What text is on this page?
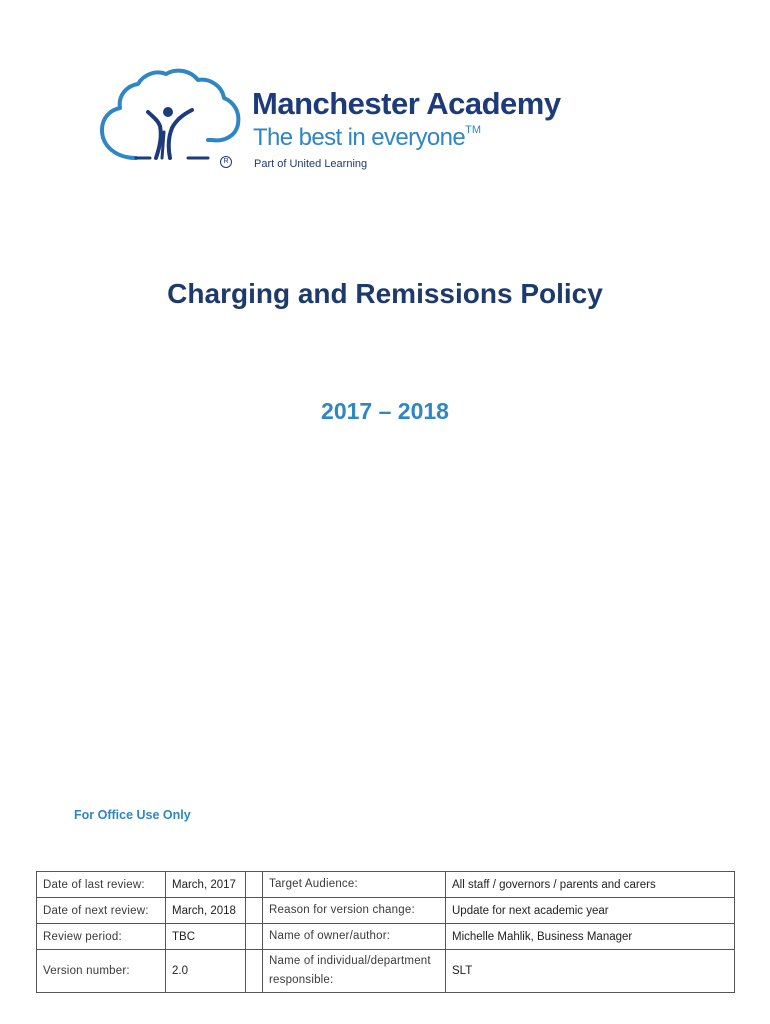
R
Manchester Academy
The best in everyone™
Part of United Learning
Charging and Remissions Policy
2017 – 2018
For Office Use Only
Date of last review:	March, 2017		Target Audience:	All staff / governors / parents and carers
Date of next review:	March, 2018		Reason for version change:	Update for next academic year
Review period:	TBC		Name of owner/author:	Michelle Mahlik, Business Manager
Version number:	2.0		Name of individual/department responsible:	SLT
